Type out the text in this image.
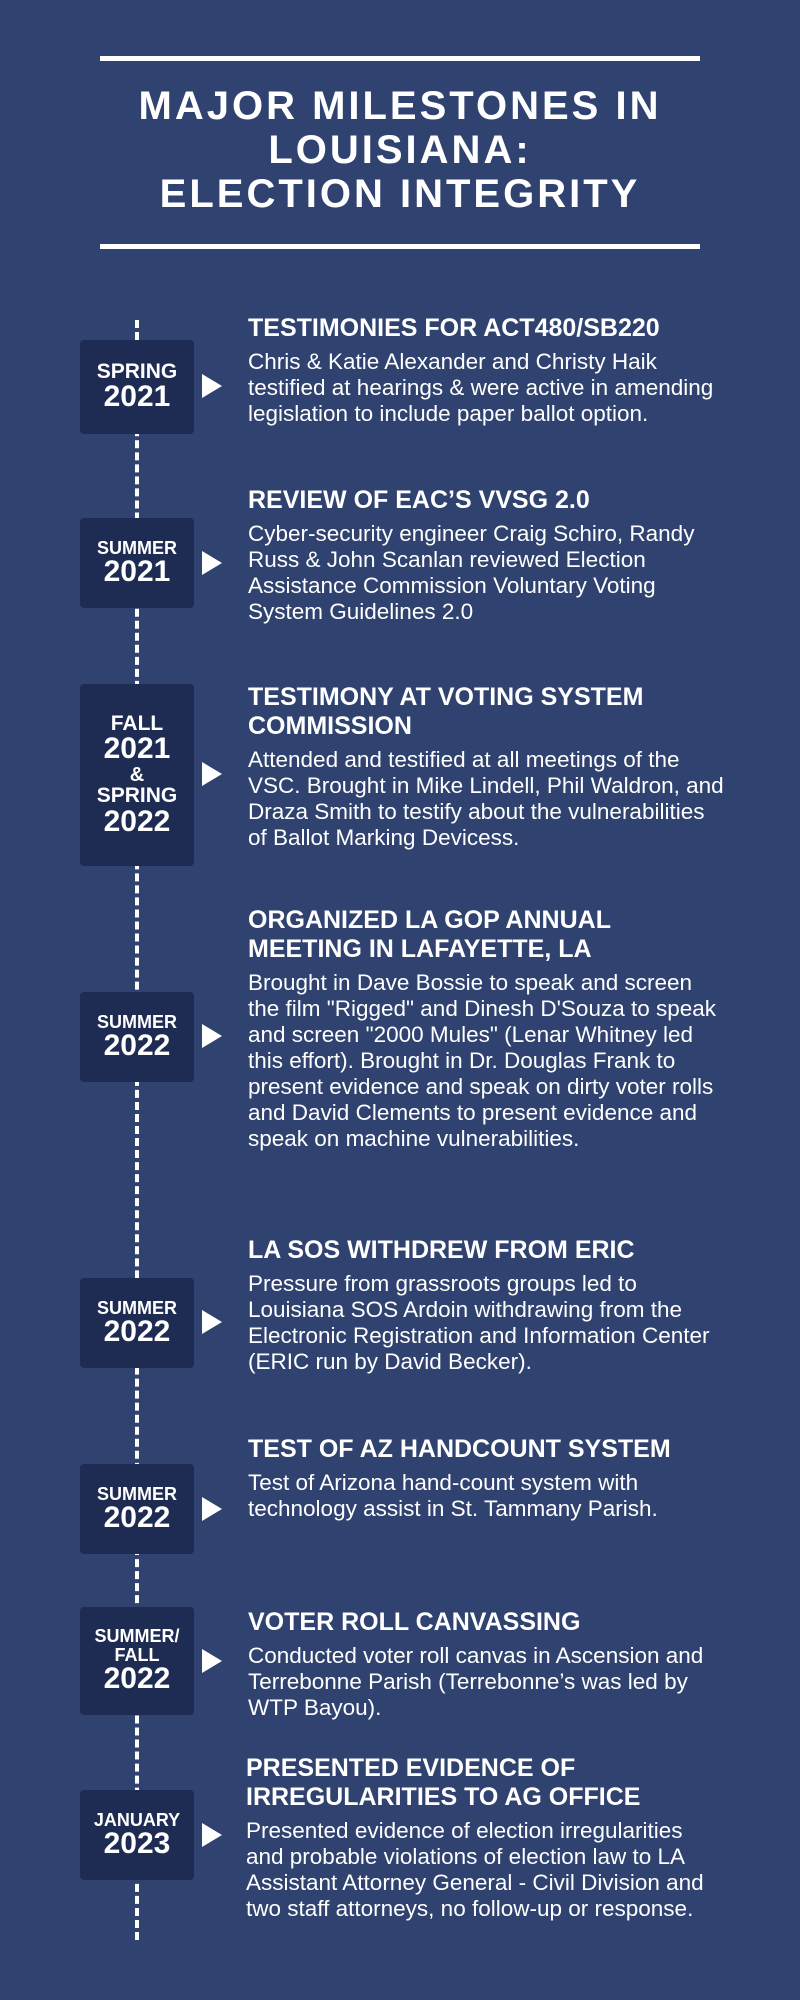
MAJOR MILESTONES IN
LOUISIANA:
ELECTION INTEGRITY
SPRING
2021
TESTIMONIES FOR ACT480/SB220

Chris & Katie Alexander and Christy Haik testified at hearings & were active in amending legislation to include paper ballot option.

SUMMER
2021
REVIEW OF EAC’S VVSG 2.0

Cyber-security engineer Craig Schiro, Randy Russ & John Scanlan reviewed Election Assistance Commission Voluntary Voting System Guidelines 2.0

FALL
2021
&
SPRING
2022
TESTIMONY AT VOTING SYSTEM COMMISSION

Attended and testified at all meetings of the VSC. Brought in Mike Lindell, Phil Waldron, and Draza Smith to testify about the vulnerabilities of Ballot Marking Devicess.

SUMMER
2022
ORGANIZED LA GOP ANNUAL MEETING IN LAFAYETTE, LA

Brought in Dave Bossie to speak and screen the film "Rigged" and Dinesh D'Souza to speak and screen "2000 Mules" (Lenar Whitney led this effort). Brought in Dr. Douglas Frank to present evidence and speak on dirty voter rolls and David Clements to present evidence and speak on machine vulnerabilities.

SUMMER
2022
LA SOS WITHDREW FROM ERIC

Pressure from grassroots groups led to Louisiana SOS Ardoin withdrawing from the Electronic Registration and Information Center (ERIC run by David Becker).

SUMMER
2022
TEST OF AZ HANDCOUNT SYSTEM

Test of Arizona hand-count system with technology assist in St. Tammany Parish.

SUMMER/
FALL
2022
VOTER ROLL CANVASSING

Conducted voter roll canvas in Ascension and Terrebonne Parish (Terrebonne’s was led by WTP Bayou).

JANUARY
2023
PRESENTED EVIDENCE OF IRREGULARITIES TO AG OFFICE

Presented evidence of election irregularities and probable violations of election law to LA Assistant Attorney General - Civil Division and two staff attorneys, no follow-up or response.
